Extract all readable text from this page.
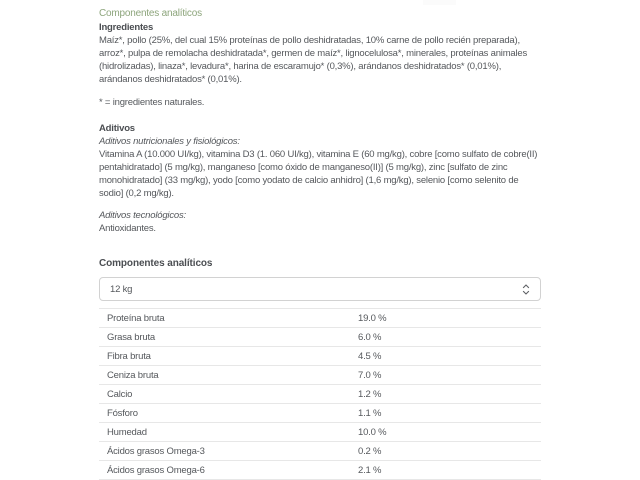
Componentes analíticos
Ingredientes

Maíz*, pollo (25%, del cual 15% proteínas de pollo deshidratadas, 10% carne de pollo recién preparada), arroz*, pulpa de remolacha deshidratada*, germen de maíz*, lignocelulosa*, minerales, proteínas animales (hidrolizadas), linaza*, levadura*, harina de escaramujo* (0,3%), arándanos deshidratados* (0,01%), arándanos deshidratados* (0,01%).

* = ingredientes naturales.

Aditivos
Aditivos nutricionales y fisiológicos:

Vitamina A (10.000 UI/kg), vitamina D3 (1. 060 UI/kg), vitamina E (60 mg/kg), cobre [como sulfato de cobre(II) pentahidratado] (5 mg/kg), manganeso [como óxido de manganeso(II)] (5 mg/kg), zinc [sulfato de zinc monohidratado] (33 mg/kg), yodo [como yodato de calcio anhidro] (1,6 mg/kg), selenio [como selenito de sodio] (0,2 mg/kg).

Aditivos tecnológicos:

Antioxidantes.

Componentes analíticos
12 kg
Proteína bruta	19.0 %
Grasa bruta	6.0 %
Fibra bruta	4.5 %
Ceniza bruta	7.0 %
Calcio	1.2 %
Fósforo	1.1 %
Humedad	10.0 %
Ácidos grasos Omega-3	0.2 %
Ácidos grasos Omega-6	2.1 %
